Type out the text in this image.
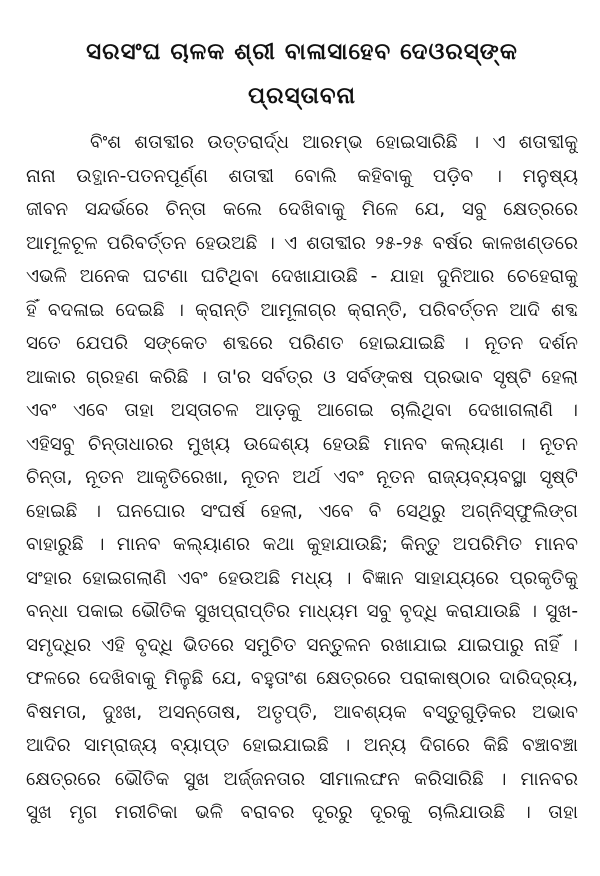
ସରସଂଘ ଚାଳକ ଶ୍ରୀ ବାଳାସାହେବ ଦେଓରସ୍ଙ୍କ
ପ୍ରସ୍ତାବନା
ବିଂଶ ଶତାବ୍ଦୀର ଉତ୍ତରାର୍ଦ୍ଧ ଆରମ୍ଭ ହୋଇସାରିଛି । ଏ ଶତାବ୍ଦୀକୁ
ନାନା ଉତ୍ଥାନ-ପତନପୂର୍ଣ୍ଣ ଶତାବ୍ଦୀ ବୋଲି କହିବାକୁ ପଡ଼ିବ । ମନୁଷ୍ୟ
ଜୀବନ ସନ୍ଦର୍ଭରେ ଚିନ୍ତା କଲେ ଦେଖିବାକୁ ମିଳେ ଯେ, ସବୁ କ୍ଷେତ୍ରରେ
ଆମୂଳଚୂଳ ପରିବର୍ତ୍ତନ ହେଉଅଛି । ଏ ଶତାବ୍ଦୀର ୨୫-୨୫ ବର୍ଷର କାଳଖଣ୍ଡରେ
ଏଭଳି ଅନେକ ଘଟଣା ଘଟିଥିବା ଦେଖାଯାଉଛି - ଯାହା ଦୁନିଆର ଚେହେରାକୁ
ହିଁ ବଦଳାଇ ଦେଇଛି । କ୍ରାନ୍ତି ଆମୂଳାଗ୍ର କ୍ରାନ୍ତି, ପରିବର୍ତ୍ତନ ଆଦି ଶବ୍ଦ
ସତେ ଯେପରି ସଙ୍କେତ ଶବ୍ଦରେ ପରିଣତ ହୋଇଯାଇଛି । ନୂତନ ଦର୍ଶନ
ଆକାର ଗ୍ରହଣ କରିଛି । ତା'ର ସର୍ବତ୍ର ଓ ସର୍ବଙ୍କଷ ପ୍ରଭାବ ସୃଷ୍ଟି ହେଲା
ଏବଂ ଏବେ ତାହା ଅସ୍ତାଚଳ ଆଡ଼କୁ ଆଗେଇ ଚାଲିଥିବା ଦେଖାଗଲାଣି ।
ଏହିସବୁ ଚିନ୍ତାଧାରର ମୁଖ୍ୟ ଉଦ୍ଦେଶ୍ୟ ହେଉଛି ମାନବ କଲ୍ୟାଣ । ନୂତନ
ଚିନ୍ତା, ନୂତନ ଆକୃତିରେଖା, ନୂତନ ଅର୍ଥ ଏବଂ ନୂତନ ରାଜ୍ୟବ୍ୟବସ୍ଥା ସୃଷ୍ଟି
ହୋଇଛି । ଘନଘୋର ସଂଘର୍ଷ ହେଲା, ଏବେ ବି ସେଥିରୁ ଅଗ୍ନିସ୍ଫୁଲିଙ୍ଗ
ବାହାରୁଛି । ମାନବ କଲ୍ୟାଣର କଥା କୁହାଯାଉଛି; କିନ୍ତୁ ଅପରିମିତ ମାନବ
ସଂହାର ହୋଇଗଲାଣି ଏବଂ ହେଉଅଛି ମଧ୍ୟ । ବିଜ୍ଞାନ ସାହାଯ୍ୟରେ ପ୍ରକୃତିକୁ
ବନ୍ଧା ପକାଇ ଭୌତିକ ସୁଖପ୍ରାପ୍ତିର ମାଧ୍ୟମ ସବୁ ବୃଦ୍ଧି କରାଯାଉଛି । ସୁଖ-
ସମୃଦ୍ଧିର ଏହି ବୃଦ୍ଧି ଭିତରେ ସମୁଚିତ ସନ୍ତୁଳନ ରଖାଯାଇ ଯାଇପାରୁ ନାହିଁ ।
ଫଳରେ ଦେଖିବାକୁ ମିଳୁଛି ଯେ, ବହୁତାଂଶ କ୍ଷେତ୍ରରେ ପରାକାଷ୍ଠାର ଦାରିଦ୍ର୍ୟ,
ବିଷମତା, ଦୁଃଖ, ଅସନ୍ତୋଷ, ଅତୃପ୍ତି, ଆବଶ୍ୟକ ବସ୍ତୁଗୁଡ଼ିକର ଅଭାବ
ଆଦିର ସାମ୍ରାଜ୍ୟ ବ୍ୟାପ୍ତ ହୋଇଯାଇଛି । ଅନ୍ୟ ଦିଗରେ କିଛି ବଞ୍ଚାବଞ୍ଚା
କ୍ଷେତ୍ରରେ ଭୌତିକ ସୁଖ ଅର୍ଜ୍ଜନତାର ସୀମାଲଙ୍ଘନ କରିସାରିଛି । ମାନବର
ସୁଖ ମୃଗ ମରୀଚିକା ଭଳି ବରାବର ଦୂରରୁ ଦୂରକୁ ଚାଲିଯାଉଛି । ତାହା
